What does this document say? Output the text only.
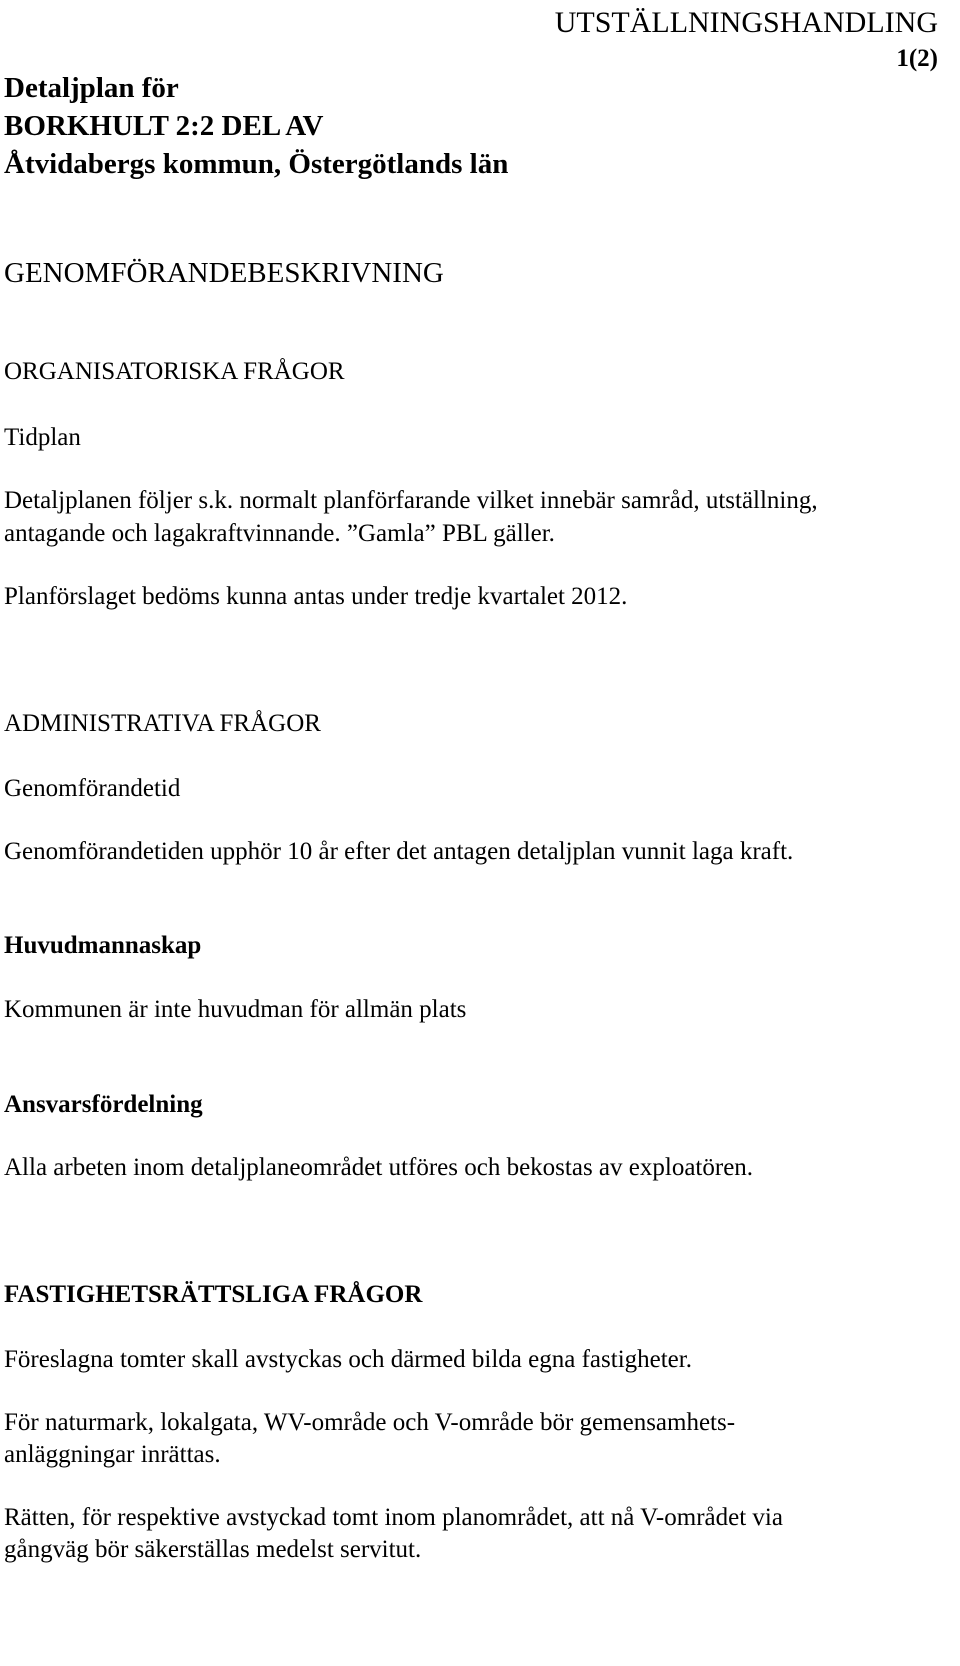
UTSTÄLLNINGSHANDLING
1(2)
Detaljplan för
BORKHULT 2:2 DEL AV
Åtvidabergs kommun, Östergötlands län
GENOMFÖRANDEBESKRIVNING
ORGANISATORISKA FRÅGOR
Tidplan
Detaljplanen följer s.k. normalt planförfarande vilket innebär samråd, utställning,
antagande och lagakraftvinnande. ”Gamla” PBL gäller.
Planförslaget bedöms kunna antas under tredje kvartalet 2012.
ADMINISTRATIVA FRÅGOR
Genomförandetid
Genomförandetiden upphör 10 år efter det antagen detaljplan vunnit laga kraft.
Huvudmannaskap
Kommunen är inte huvudman för allmän plats
Ansvarsfördelning
Alla arbeten inom detaljplaneområdet utföres och bekostas av exploatören.
FASTIGHETSRÄTTSLIGA FRÅGOR
Föreslagna tomter skall avstyckas och därmed bilda egna fastigheter.
För naturmark, lokalgata, WV-område och V-område bör gemensamhets-
anläggningar inrättas.
Rätten, för respektive avstyckad tomt inom planområdet, att nå V-området via
gångväg bör säkerställas medelst servitut.
